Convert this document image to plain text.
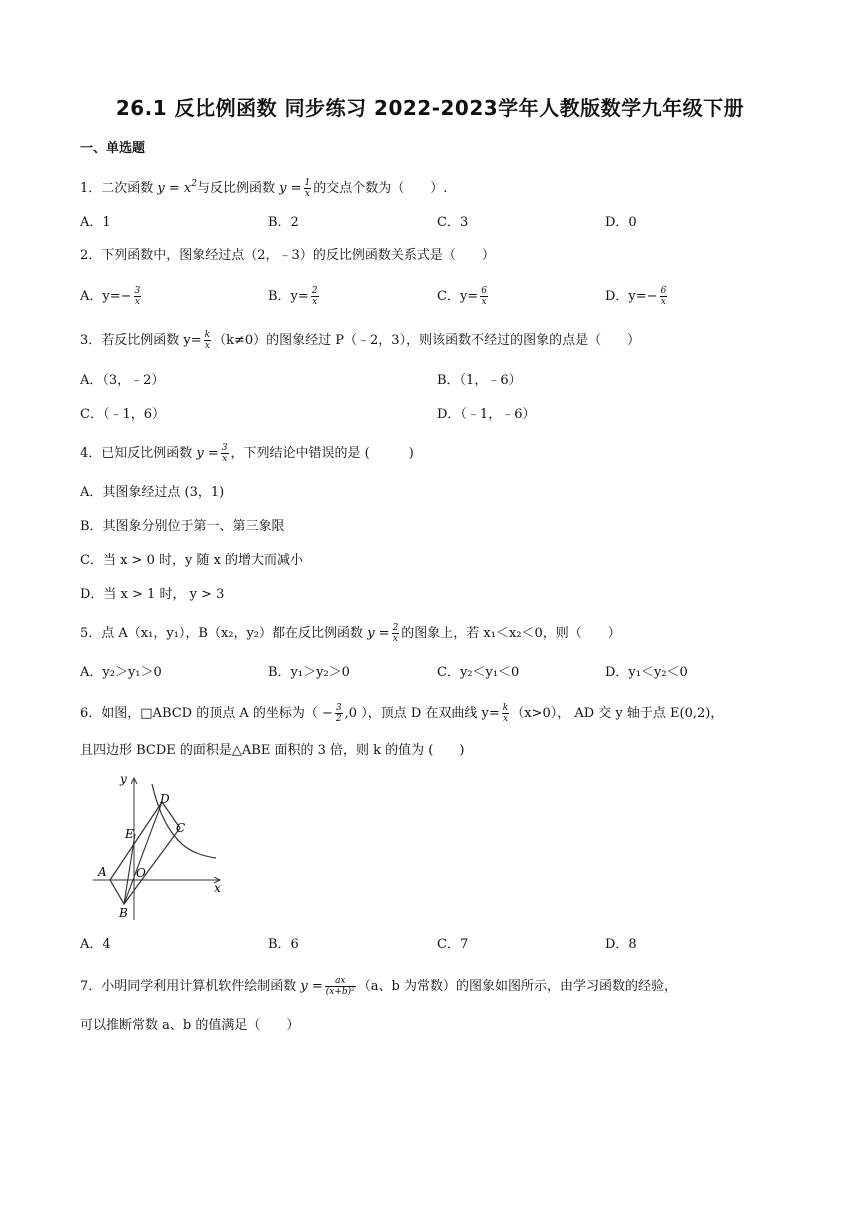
26.1 反比例函数 同步练习 2022-2023学年人教版数学九年级下册
一、单选题
1．二次函数 $y = x^2$与反比例函数 $y = \frac{1}{x}$ 的交点个数为（　　）.
A．1	B．2	C．3	D．0
2．下列函数中，图象经过点（2，﹣3）的反比例函数关系式是（　　）
A．$y=- \frac{3}{x}$	B．$y= \frac{2}{x}$	C．$y= \frac{6}{x}$	D．$y=- \frac{6}{x}$
3．若反比例函数 $y= \frac{k}{x} (k\ne 0)$的图象经过 P（﹣2，3），则该函数不经过的图象的点是（　　）
A．（3，﹣2）	B．（1，﹣6）
C．（﹣1，6）	D．（﹣1，﹣6）
4．已知反比例函数 $y = \frac{3}{x}$ ，下列结论中错误的是 (　　　)
A．其图象经过点 (3，1)
B．其图象分别位于第一、第三象限
C．当 x > 0 时，y 随 x 的增大而减小
D．当 x > 1 时， y > 3
5．点 A（x₁，y₁），B（x₂，y₂）都在反比例函数 $y = \frac{2}{x}$ 的图象上，若 x₁＜x₂＜0，则（　　）
A．y₂＞y₁＞0	B．y₁＞y₂＞0	C．y₂＜y₁＜0	D．y₁＜y₂＜0
6．如图，□ABCD 的顶点 A 的坐标为（ − $\frac{3}{2} ,0$ ），顶点 D 在双曲线 $y= \frac{k}{x} (x>0)$， AD 交 y 轴于点 E(0,2)，
且四边形 BCDE 的面积是△ABE 面积的 3 倍，则 k 的值为 (　　)
y
x
A
B
C
D
E
O
A．4	B．6	C．7	D．8
7．小明同学利用计算机软件绘制函数 $y = \frac{ax}{\text{(x+b)²}} (a$、b 为常数）的图象如图所示，由学习函数的经验，
可以推断常数 a、b 的值满足（　　）
